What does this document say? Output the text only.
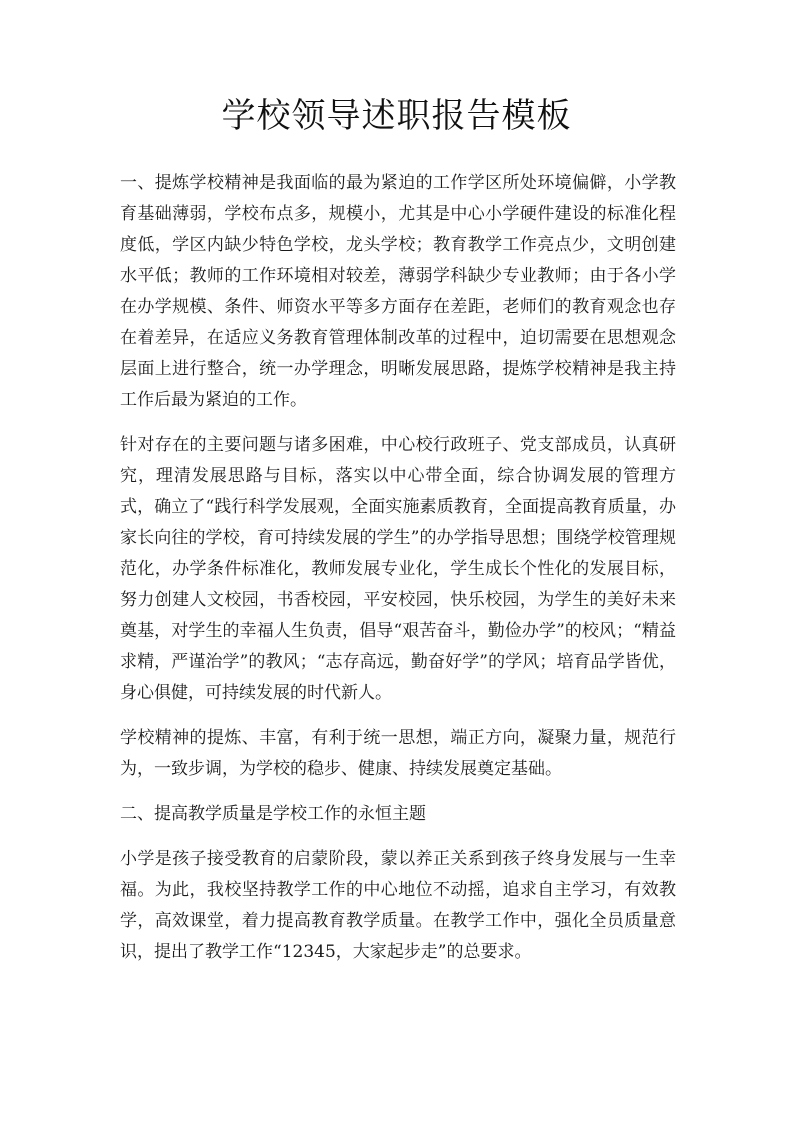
学校领导述职报告模板

一、提炼学校精神是我面临的最为紧迫的工作学区所处环境偏僻，小学教育基础薄弱，学校布点多，规模小，尤其是中心小学硬件建设的标准化程度低，学区内缺少特色学校，龙头学校；教育教学工作亮点少，文明创建水平低；教师的工作环境相对较差，薄弱学科缺少专业教师；由于各小学在办学规模、条件、师资水平等多方面存在差距，老师们的教育观念也存在着差异，在适应义务教育管理体制改革的过程中，迫切需要在思想观念层面上进行整合，统一办学理念，明晰发展思路，提炼学校精神是我主持工作后最为紧迫的工作。

针对存在的主要问题与诸多困难，中心校行政班子、党支部成员，认真研究，理清发展思路与目标，落实以中心带全面，综合协调发展的管理方式，确立了“践行科学发展观，全面实施素质教育，全面提高教育质量，办家长向往的学校，育可持续发展的学生”的办学指导思想；围绕学校管理规范化，办学条件标准化，教师发展专业化，学生成长个性化的发展目标，努力创建人文校园，书香校园，平安校园，快乐校园，为学生的美好未来奠基，对学生的幸福人生负责，倡导“艰苦奋斗，勤俭办学”的校风；“精益求精，严谨治学”的教风；“志存高远，勤奋好学”的学风；培育品学皆优，身心俱健，可持续发展的时代新人。

学校精神的提炼、丰富，有利于统一思想，端正方向，凝聚力量，规范行为，一致步调，为学校的稳步、健康、持续发展奠定基础。

二、提高教学质量是学校工作的永恒主题

小学是孩子接受教育的启蒙阶段，蒙以养正关系到孩子终身发展与一生幸福。为此，我校坚持教学工作的中心地位不动摇，追求自主学习，有效教学，高效课堂，着力提高教育教学质量。在教学工作中，强化全员质量意识，提出了教学工作“12345，大家起步走”的总要求。
